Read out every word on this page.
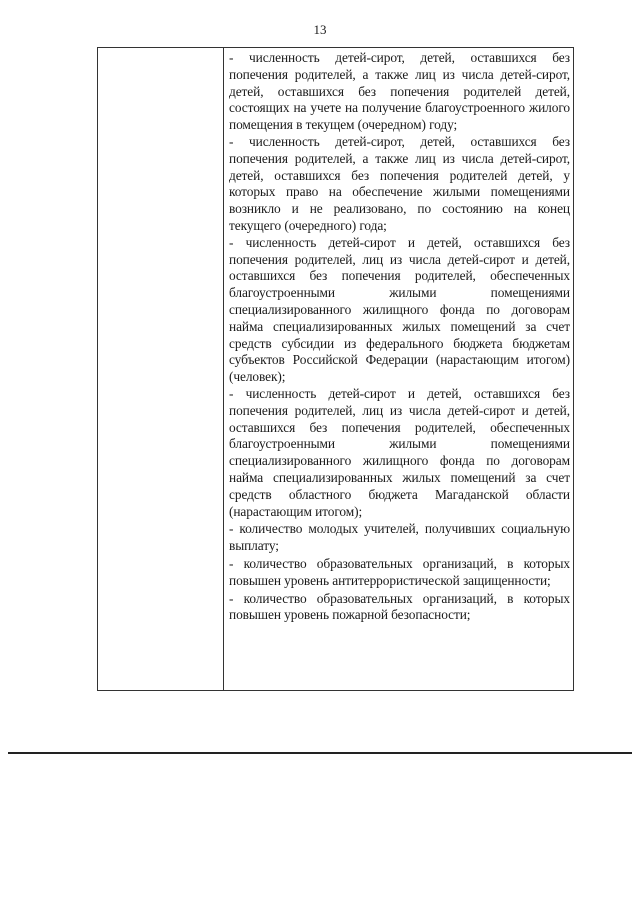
13

- численность детей-сирот, детей, оставшихся без попечения родителей, а также лиц из числа детей-сирот, детей, оставшихся без попечения родителей детей, состоящих на учете на получение благоустроенного жилого помещения в текущем (очередном) году;

- численность детей-сирот, детей, оставшихся без попечения родителей, а также лиц из числа детей-сирот, детей, оставшихся без попечения родителей детей, у которых право на обеспечение жилыми помещениями возникло и не реализовано, по состоянию на конец текущего (очередного) года;

- численность детей-сирот и детей, оставшихся без попечения родителей, лиц из числа детей-сирот и детей, оставшихся без попечения родителей, обеспеченных благоустроенными жилыми помещениями специализированного жилищного фонда по договорам найма специализированных жилых помещений за счет средств субсидии из федерального бюджета бюджетам субъектов Российской Федерации (нарастающим итогом) (человек);

- численность детей-сирот и детей, оставшихся без попечения родителей, лиц из числа детей-сирот и детей, оставшихся без попечения родителей, обеспеченных благоустроенными жилыми помещениями специализированного жилищного фонда по договорам найма специализированных жилых помещений за счет средств областного бюджета Магаданской области (нарастающим итогом);

- количество молодых учителей, получивших социальную выплату;

- количество образовательных организаций, в которых повышен уровень антитеррористической защищенности;

- количество образовательных организаций, в которых повышен уровень пожарной безопасности;
